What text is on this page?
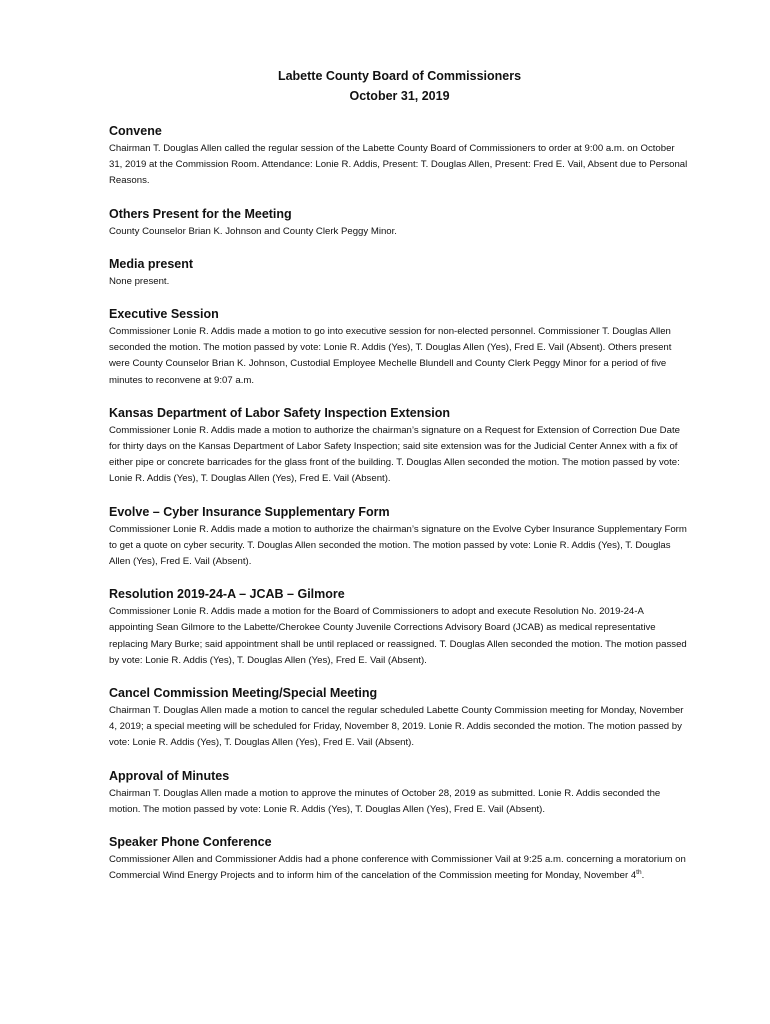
Labette County Board of Commissioners

October 31, 2019

Convene

Chairman T. Douglas Allen called the regular session of the Labette County Board of Commissioners to order at 9:00 a.m. on October 31, 2019 at the Commission Room. Attendance: Lonie R. Addis, Present: T. Douglas Allen, Present: Fred E. Vail, Absent due to Personal Reasons.

Others Present for the Meeting

County Counselor Brian K. Johnson and County Clerk Peggy Minor.

Media present

None present.

Executive Session

Commissioner Lonie R. Addis made a motion to go into executive session for non-elected personnel. Commissioner T. Douglas Allen seconded the motion. The motion passed by vote: Lonie R. Addis (Yes), T. Douglas Allen (Yes), Fred E. Vail (Absent). Others present were County Counselor Brian K. Johnson, Custodial Employee Mechelle Blundell and County Clerk Peggy Minor for a period of five minutes to reconvene at 9:07 a.m.

Kansas Department of Labor Safety Inspection Extension

Commissioner Lonie R. Addis made a motion to authorize the chairman’s signature on a Request for Extension of Correction Due Date for thirty days on the Kansas Department of Labor Safety Inspection; said site extension was for the Judicial Center Annex with a fix of either pipe or concrete barricades for the glass front of the building. T. Douglas Allen seconded the motion. The motion passed by vote: Lonie R. Addis (Yes), T. Douglas Allen (Yes), Fred E. Vail (Absent).

Evolve – Cyber Insurance Supplementary Form

Commissioner Lonie R. Addis made a motion to authorize the chairman’s signature on the Evolve Cyber Insurance Supplementary Form to get a quote on cyber security. T. Douglas Allen seconded the motion. The motion passed by vote: Lonie R. Addis (Yes), T. Douglas Allen (Yes), Fred E. Vail (Absent).

Resolution 2019-24-A – JCAB – Gilmore

Commissioner Lonie R. Addis made a motion for the Board of Commissioners to adopt and execute Resolution No. 2019-24-A appointing Sean Gilmore to the Labette/Cherokee County Juvenile Corrections Advisory Board (JCAB) as medical representative replacing Mary Burke; said appointment shall be until replaced or reassigned. T. Douglas Allen seconded the motion. The motion passed by vote: Lonie R. Addis (Yes), T. Douglas Allen (Yes), Fred E. Vail (Absent).

Cancel Commission Meeting/Special Meeting

Chairman T. Douglas Allen made a motion to cancel the regular scheduled Labette County Commission meeting for Monday, November 4, 2019; a special meeting will be scheduled for Friday, November 8, 2019. Lonie R. Addis seconded the motion. The motion passed by vote: Lonie R. Addis (Yes), T. Douglas Allen (Yes), Fred E. Vail (Absent).

Approval of Minutes

Chairman T. Douglas Allen made a motion to approve the minutes of October 28, 2019 as submitted. Lonie R. Addis seconded the motion. The motion passed by vote: Lonie R. Addis (Yes), T. Douglas Allen (Yes), Fred E. Vail (Absent).

Speaker Phone Conference

Commissioner Allen and Commissioner Addis had a phone conference with Commissioner Vail at 9:25 a.m. concerning a moratorium on Commercial Wind Energy Projects and to inform him of the cancelation of the Commission meeting for Monday, November 4th.
